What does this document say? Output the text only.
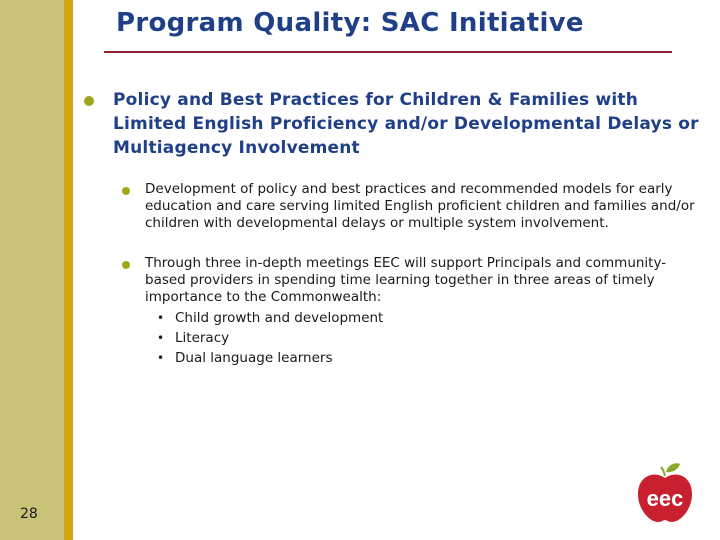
Program Quality: SAC Initiative

Policy and Best Practices for Children & Families with Limited English Proficiency and/or Developmental Delays or Multiagency Involvement

Development of policy and best practices and recommended models for early education and care serving limited English proficient children and families and/or children with developmental delays or multiple system involvement.

Through three in-depth meetings EEC will support Principals and community-based providers in spending time learning together in three areas of timely importance to the Commonwealth:

• Child growth and development
• Literacy
• Dual language learners
28
eec
